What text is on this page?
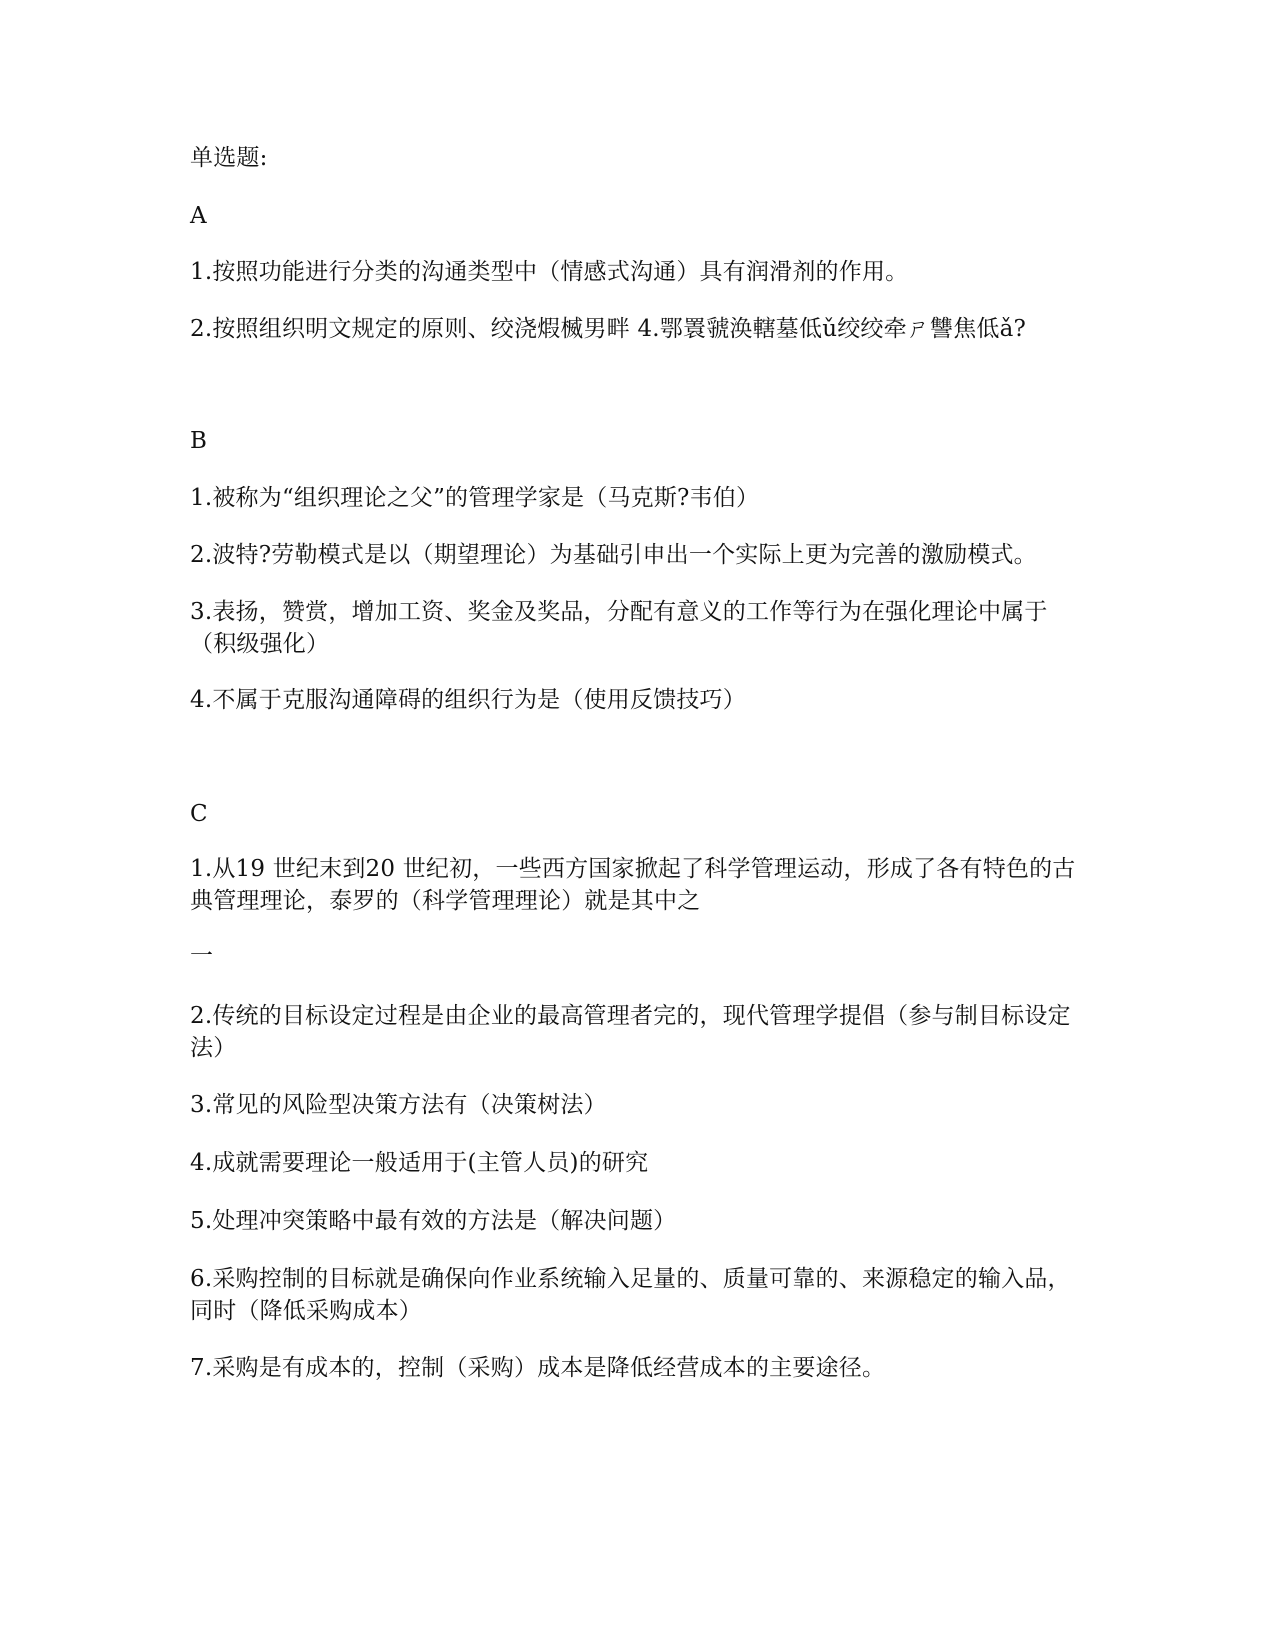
单选题:
A
1.按照功能进行分类的沟通类型中（情感式沟通）具有润滑剂的作用。
2.按照组织明文规定的原则、绞浇煆楲男畔 4.鄂瞏虢涣轄墓低ǔ绞绞牵ㄕ讐焦低ǎ?
B
1.被称为“组织理论之父”的管理学家是（马克斯?韦伯）
2.波特?劳勒模式是以（期望理论）为基础引申出一个实际上更为完善的激励模式。
3.表扬，赞赏，增加工资、奖金及奖品，分配有意义的工作等行为在强化理论中属于（积级强化）
4.不属于克服沟通障碍的组织行为是（使用反馈技巧）
C
1.从19 世纪末到20 世纪初，一些西方国家掀起了科学管理运动，形成了各有特色的古典管理理论，泰罗的（科学管理理论）就是其中之
一
2.传统的目标设定过程是由企业的最高管理者完的，现代管理学提倡（参与制目标设定法）
3.常见的风险型决策方法有（决策树法）
4.成就需要理论一般适用于(主管人员)的研究
5.处理冲突策略中最有效的方法是（解决问题）
6.采购控制的目标就是确保向作业系统输入足量的、质量可靠的、来源稳定的输入品，同时（降低采购成本）
7.采购是有成本的，控制（采购）成本是降低经营成本的主要途径。
